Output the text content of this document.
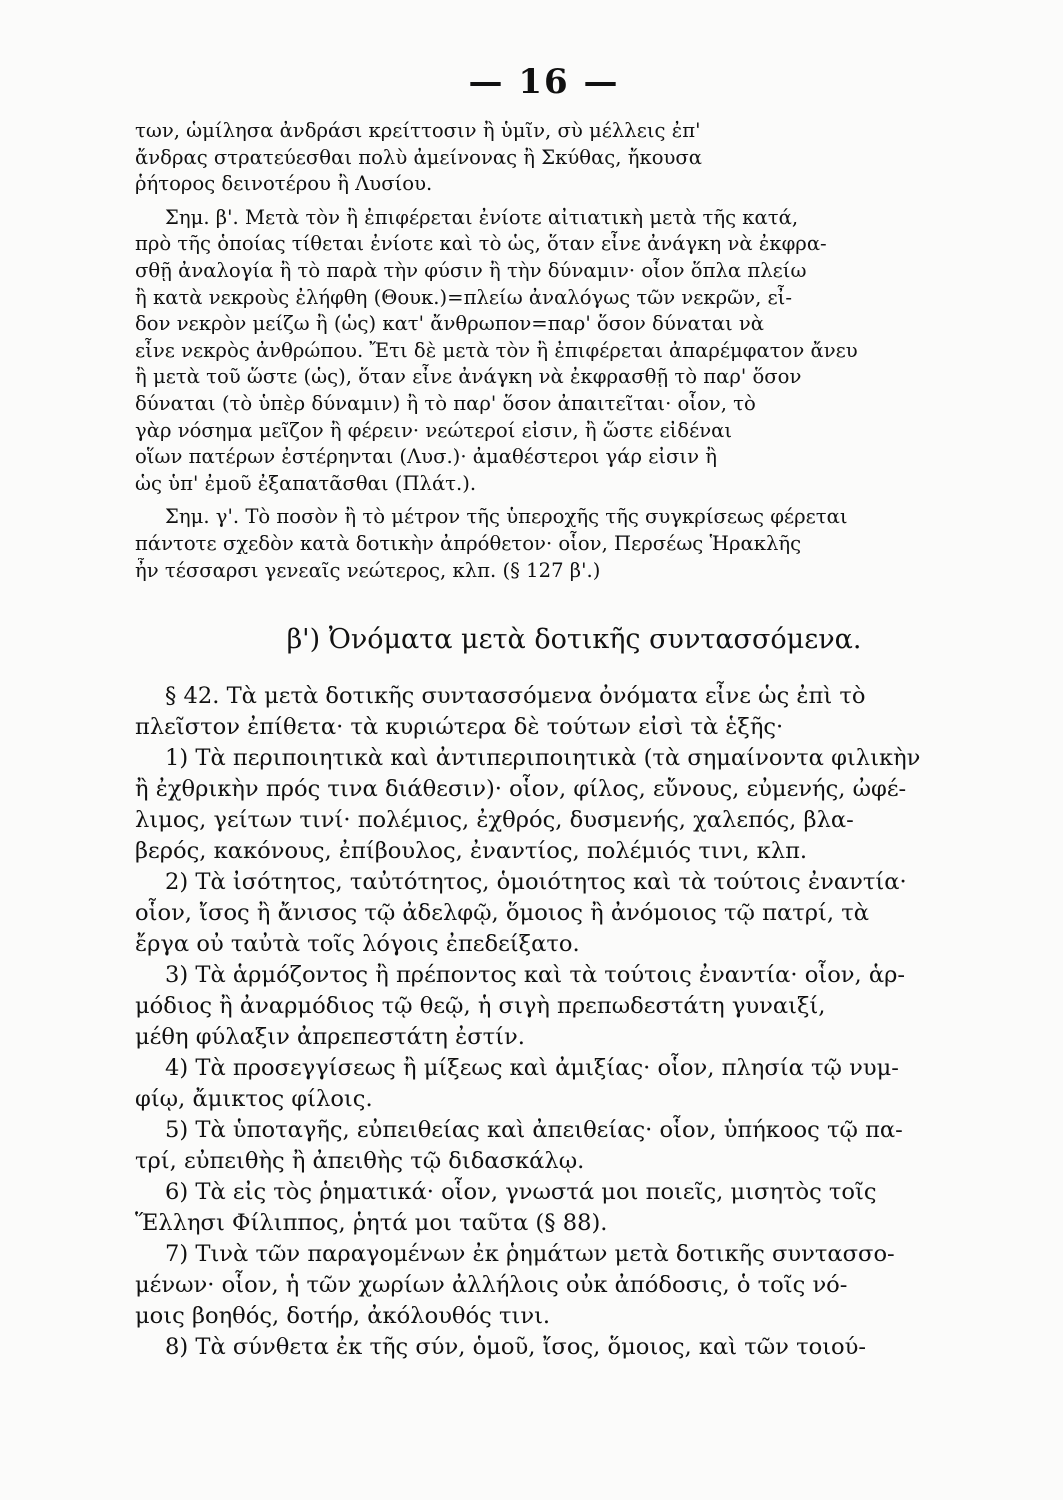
— 16 —

των, ὡμίλησα ἀνδράσι κρείττοσιν ἢ ὑμῖν, σὺ μέλλεις ἐπ'
ἄνδρας στρατεύεσθαι πολὺ ἀμείνονας ἢ Σκύθας, ἤκουσα
ῥήτορος δεινοτέρου ἢ Λυσίου.

Σημ. β'. Μετὰ τὸν ἢ ἐπιφέρεται ἐνίοτε αἰτιατικὴ μετὰ τῆς κατά,
πρὸ τῆς ὁποίας τίθεται ἐνίοτε καὶ τὸ ὡς, ὅταν εἶνε ἀνάγκη νὰ ἐκφρα-
σθῇ ἀναλογία ἢ τὸ παρὰ τὴν φύσιν ἢ τὴν δύναμιν· οἷον ὅπλα πλείω
ἢ κατὰ νεκροὺς ἐλήφθη (Θουκ.)=πλείω ἀναλόγως τῶν νεκρῶν, εἶ-
δον νεκρὸν μείζω ἢ (ὡς) κατ' ἄνθρωπον=παρ' ὅσον δύναται νὰ
εἶνε νεκρὸς ἀνθρώπου. Ἔτι δὲ μετὰ τὸν ἢ ἐπιφέρεται ἀπαρέμφατον ἄνευ
ἢ μετὰ τοῦ ὥστε (ὡς), ὅταν εἶνε ἀνάγκη νὰ ἐκφρασθῇ τὸ παρ' ὅσον
δύναται (τὸ ὑπὲρ δύναμιν) ἢ τὸ παρ' ὅσον ἀπαιτεῖται· οἷον, τὸ
γὰρ νόσημα μεῖζον ἢ φέρειν· νεώτεροί εἰσιν, ἢ ὥστε εἰδέναι
οἵων πατέρων ἐστέρηνται (Λυσ.)· ἀμαθέστεροι γάρ εἰσιν ἢ
ὡς ὑπ' ἐμοῦ ἐξαπατᾶσθαι (Πλάτ.).

Σημ. γ'. Τὸ ποσὸν ἢ τὸ μέτρον τῆς ὑπεροχῆς τῆς συγκρίσεως φέρεται
πάντοτε σχεδὸν κατὰ δοτικὴν ἀπρόθετον· οἷον, Περσέως Ἡρακλῆς
ἦν τέσσαρσι γενεαῖς νεώτερος, κλπ. (§ 127 β'.)

β') Ὀνόματα μετὰ δοτικῆς συντασσόμενα.

§ 42. Τὰ μετὰ δοτικῆς συντασσόμενα ὀνόματα εἶνε ὡς ἐπὶ τὸ
πλεῖστον ἐπίθετα· τὰ κυριώτερα δὲ τούτων εἰσὶ τὰ ἑξῆς·

1) Τὰ περιποιητικὰ καὶ ἀντιπεριποιητικὰ (τὰ σημαίνοντα φιλικὴν
ἢ ἐχθρικὴν πρός τινα διάθεσιν)· οἷον, φίλος, εὔνους, εὐμενής, ὠφέ-
λιμος, γείτων τινί· πολέμιος, ἐχθρός, δυσμενής, χαλεπός, βλα-
βερός, κακόνους, ἐπίβουλος, ἐναντίος, πολέμιός τινι, κλπ.

2) Τὰ ἰσότητος, ταὐτότητος, ὁμοιότητος καὶ τὰ τούτοις ἐναντία·
οἷον, ἴσος ἢ ἄνισος τῷ ἀδελφῷ, ὅμοιος ἢ ἀνόμοιος τῷ πατρί, τὰ
ἔργα οὐ ταὐτὰ τοῖς λόγοις ἐπεδείξατο.

3) Τὰ ἁρμόζοντος ἢ πρέποντος καὶ τὰ τούτοις ἐναντία· οἷον, ἁρ-
μόδιος ἢ ἀναρμόδιος τῷ θεῷ, ἡ σιγὴ πρεπωδεστάτη γυναιξί,
μέθη φύλαξιν ἀπρεπεστάτη ἐστίν.

4) Τὰ προσεγγίσεως ἢ μίξεως καὶ ἀμιξίας· οἷον, πλησία τῷ νυμ-
φίῳ, ἄμικτος φίλοις.

5) Τὰ ὑποταγῆς, εὐπειθείας καὶ ἀπειθείας· οἷον, ὑπήκοος τῷ πα-
τρί, εὐπειθὴς ἢ ἀπειθὴς τῷ διδασκάλῳ.

6) Τὰ εἰς τὸς ῥηματικά· οἷον, γνωστά μοι ποιεῖς, μισητὸς τοῖς
Ἕλλησι Φίλιππος, ῥητά μοι ταῦτα (§ 88).

7) Τινὰ τῶν παραγομένων ἐκ ῥημάτων μετὰ δοτικῆς συντασσο-
μένων· οἷον, ἡ τῶν χωρίων ἀλλήλοις οὐκ ἀπόδοσις, ὁ τοῖς νό-
μοις βοηθός, δοτήρ, ἀκόλουθός τινι.

8) Τὰ σύνθετα ἐκ τῆς σύν, ὁμοῦ, ἴσος, ὅμοιος, καὶ τῶν τοιού-
